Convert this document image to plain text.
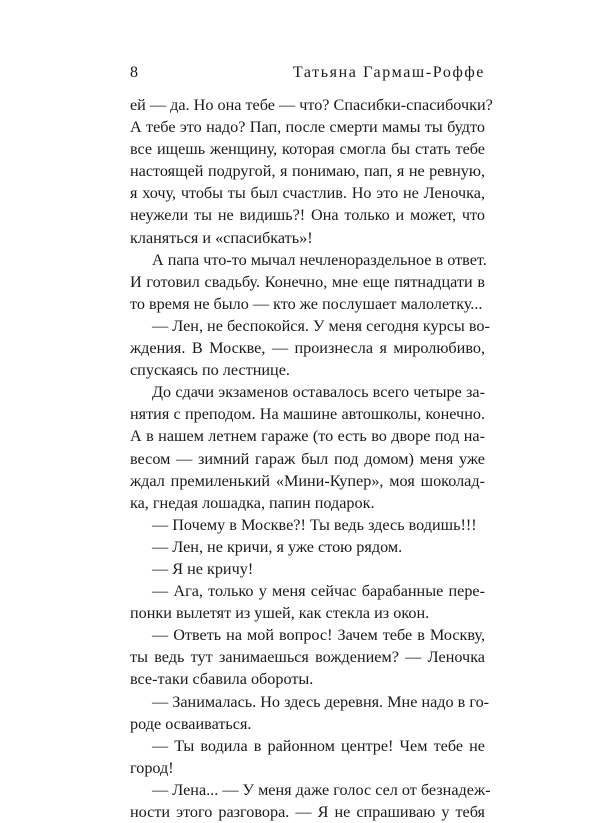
8	Татьяна Гармаш-Роффе
ей — да. Но она тебе — что? Спасибки-спасибочки?
А тебе это надо? Пап, после смерти мамы ты будто
все ищешь женщину, которая смогла бы стать тебе
настоящей подругой, я понимаю, пап, я не ревную,
я хочу, чтобы ты был счастлив. Но это не Леночка,
неужели ты не видишь?! Она только и может, что
кланяться и «спасибкать»!
А папа что-то мычал нечленораздельное в ответ.
И готовил свадьбу. Конечно, мне еще пятнадцати в
то время не было — кто же послушает малолетку...
— Лен, не беспокойся. У меня сегодня курсы во-
ждения. В Москве, — произнесла я миролюбиво,
спускаясь по лестнице.
До сдачи экзаменов оставалось всего четыре за-
нятия с преподом. На машине автошколы, конечно.
А в нашем летнем гараже (то есть во дворе под на-
весом — зимний гараж был под домом) меня уже
ждал премиленький «Мини-Купер», моя шоколад-
ка, гнедая лошадка, папин подарок.
— Почему в Москве?! Ты ведь здесь водишь!!!
— Лен, не кричи, я уже стою рядом.
— Я не кричу!
— Ага, только у меня сейчас барабанные пере-
понки вылетят из ушей, как стекла из окон.
— Ответь на мой вопрос! Зачем тебе в Москву,
ты ведь тут занимаешься вождением? — Леночка
все-таки сбавила обороты.
— Занималась. Но здесь деревня. Мне надо в го-
роде осваиваться.
— Ты водила в районном центре! Чем тебе не
город!
— Лена... — У меня даже голос сел от безнадеж-
ности этого разговора. — Я не спрашиваю у тебя
